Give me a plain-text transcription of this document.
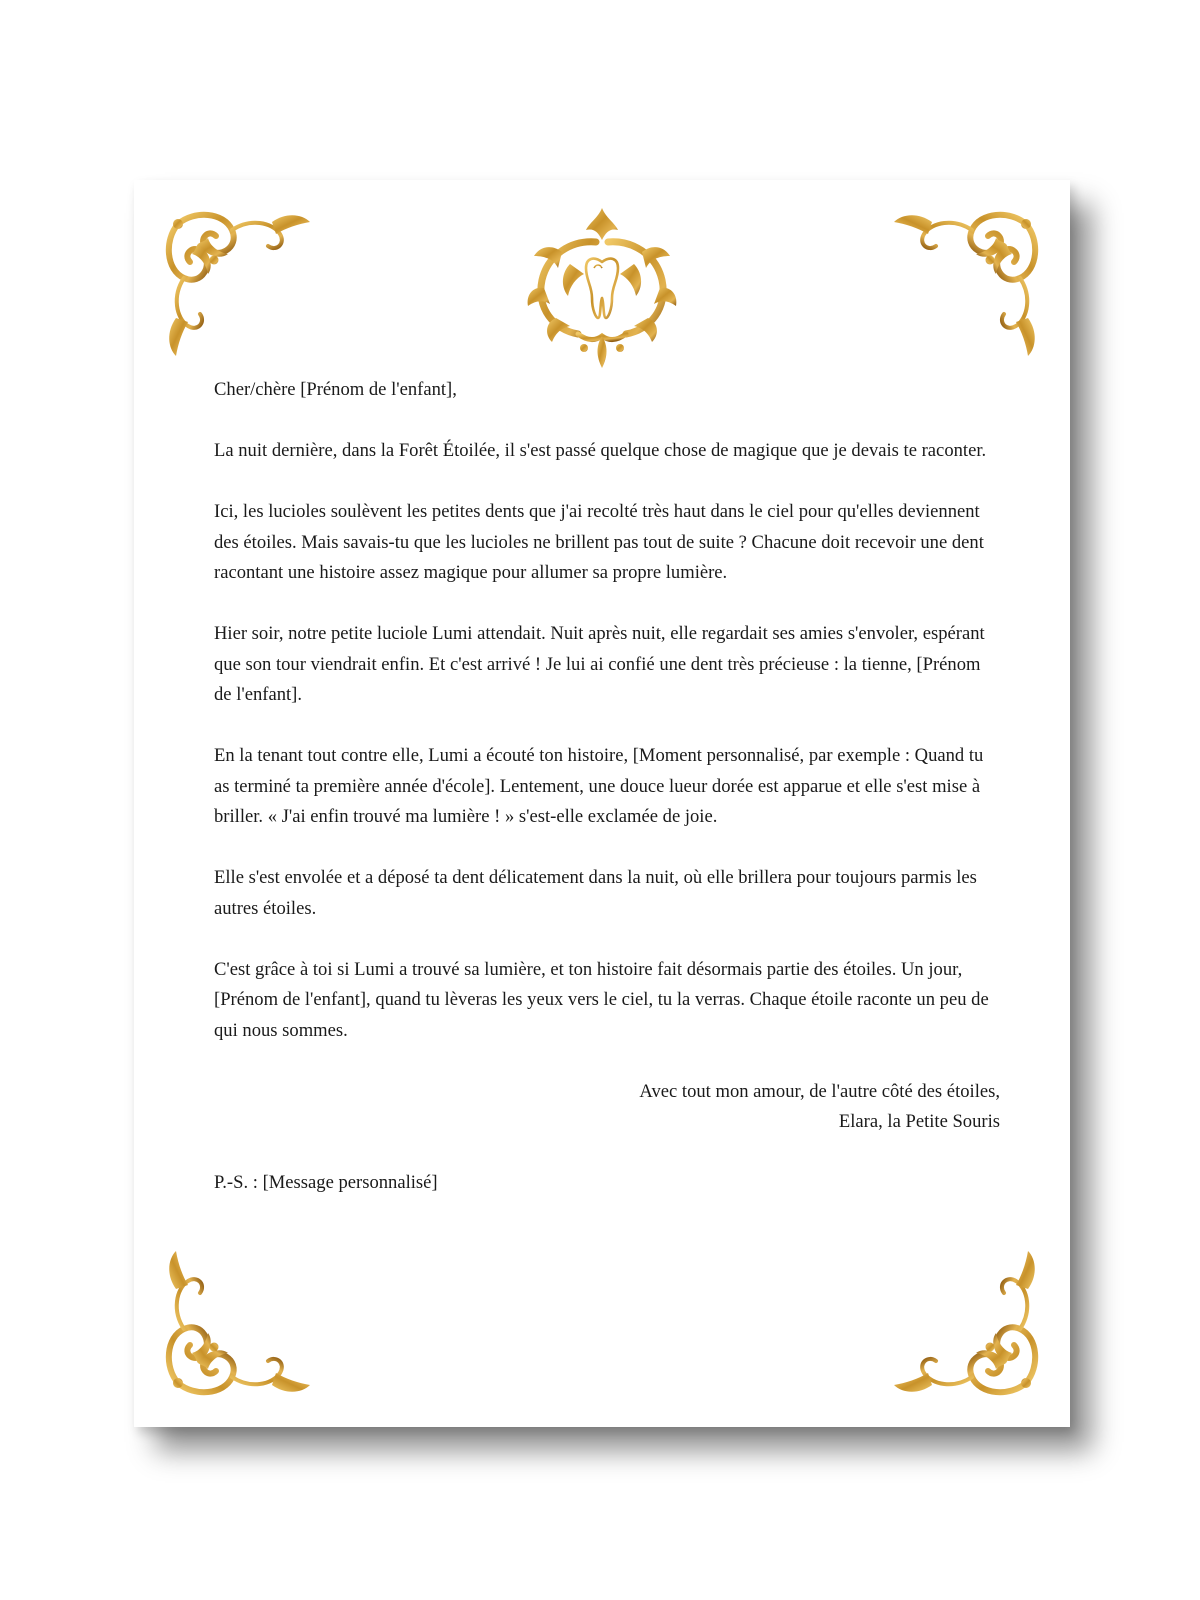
Cher/chère [Prénom de l'enfant],

La nuit dernière, dans la Forêt Étoilée, il s'est passé quelque chose de magique que je devais te raconter.

Ici, les lucioles soulèvent les petites dents que j'ai recolté très haut dans le ciel pour qu'elles deviennent des étoiles. Mais savais-tu que les lucioles ne brillent pas tout de suite ? Chacune doit recevoir une dent racontant une histoire assez magique pour allumer sa propre lumière.

Hier soir, notre petite luciole Lumi attendait. Nuit après nuit, elle regardait ses amies s'envoler, espérant que son tour viendrait enfin. Et c'est arrivé ! Je lui ai confié une dent très précieuse : la tienne, [Prénom de l'enfant].

En la tenant tout contre elle, Lumi a écouté ton histoire, [Moment personnalisé, par exemple : Quand tu as terminé ta première année d'école]. Lentement, une douce lueur dorée est apparue et elle s'est mise à briller. « J'ai enfin trouvé ma lumière ! » s'est-elle exclamée de joie.

Elle s'est envolée et a déposé ta dent délicatement dans la nuit, où elle brillera pour toujours parmis les autres étoiles.

C'est grâce à toi si Lumi a trouvé sa lumière, et ton histoire fait désormais partie des étoiles. Un jour, [Prénom de l'enfant], quand tu lèveras les yeux vers le ciel, tu la verras. Chaque étoile raconte un peu de qui nous sommes.

Avec tout mon amour, de l'autre côté des étoiles,
Elara, la Petite Souris

P.-S. : [Message personnalisé]
